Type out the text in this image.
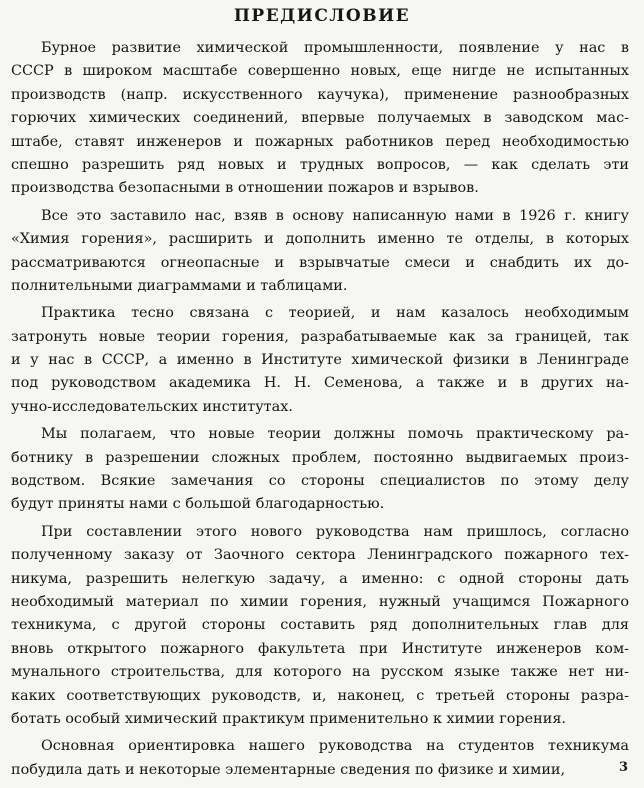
ПРЕДИСЛОВИЕ
Бурное развитие химической промышленности, появление у нас в
СССР в широком масштабе совершенно новых, еще нигде не испытанных
производств (напр. искусственного каучука), применение разнообразных
горючих химических соединений, впервые получаемых в заводском мас-
штабе, ставят инженеров и пожарных работников перед необходимостью
спешно разрешить ряд новых и трудных вопросов, — как сделать эти
производства безопасными в отношении пожаров и взрывов.
Все это заставило нас, взяв в основу написанную нами в 1926 г. книгу
«Химия горения», расширить и дополнить именно те отделы, в которых
рассматриваются огнеопасные и взрывчатые смеси и снабдить их до-
полнительными диаграммами и таблицами.
Практика тесно связана с теорией, и нам казалось необходимым
затронуть новые теории горения, разрабатываемые как за границей, так
и у нас в СССР, а именно в Институте химической физики в Ленинграде
под руководством академика Н. Н. Семенова, а также и в других на-
учно-исследовательских институтах.
Мы полагаем, что новые теории должны помочь практическому ра-
ботнику в разрешении сложных проблем, постоянно выдвигаемых произ-
водством. Всякие замечания со стороны специалистов по этому делу
будут приняты нами с большой благодарностью.
При составлении этого нового руководства нам пришлось, согласно
полученному заказу от Заочного сектора Ленинградского пожарного тех-
никума, разрешить нелегкую задачу, а именно: с одной стороны дать
необходимый материал по химии горения, нужный учащимся Пожарного
техникума, с другой стороны составить ряд дополнительных глав для
вновь открытого пожарного факультета при Институте инженеров ком-
мунального строительства, для которого на русском языке также нет ни-
каких соответствующих руководств, и, наконец, с третьей стороны разра-
ботать особый химический практикум применительно к химии горения.
Основная ориентировка нашего руководства на студентов техникума
побудила дать и некоторые элементарные сведения по физике и химии,	3
